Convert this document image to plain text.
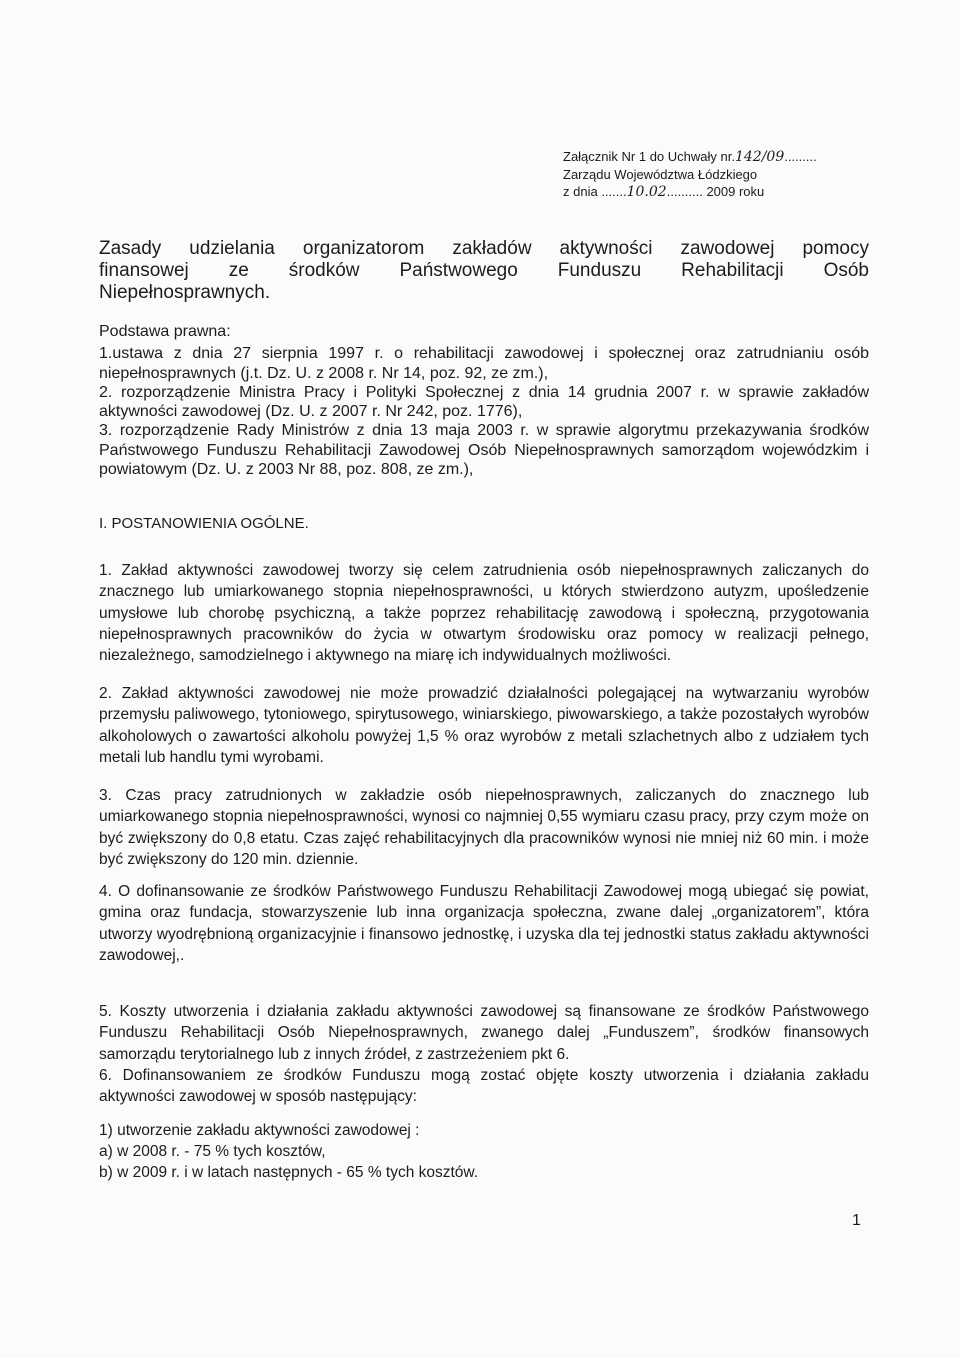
Załącznik Nr 1 do Uchwały nr.142/09.........
Zarządu Województwa Łódzkiego
z dnia .......10.02.......... 2009 roku
Zasady udzielania organizatorom zakładów aktywności zawodowej pomocy
finansowej ze środków Państwowego Funduszu Rehabilitacji Osób
Niepełnosprawnych.
Podstawa prawna:
1.ustawa z dnia 27 sierpnia 1997 r. o rehabilitacji zawodowej i społecznej oraz zatrudnianiu osób niepełnosprawnych (j.t. Dz. U. z 2008 r. Nr 14, poz. 92, ze zm.),
2. rozporządzenie Ministra Pracy i Polityki Społecznej z dnia 14 grudnia 2007 r. w sprawie zakładów aktywności zawodowej (Dz. U. z 2007 r. Nr 242, poz. 1776),
3. rozporządzenie Rady Ministrów z dnia 13 maja 2003 r. w sprawie algorytmu przekazywania środków Państwowego Funduszu Rehabilitacji Zawodowej Osób Niepełnosprawnych samorządom wojewódzkim i powiatowym (Dz. U. z 2003 Nr 88, poz. 808, ze zm.),
I. POSTANOWIENIA OGÓLNE.

1. Zakład aktywności zawodowej tworzy się celem zatrudnienia osób niepełnosprawnych zaliczanych do znacznego lub umiarkowanego stopnia niepełnosprawności, u których stwierdzono autyzm, upośledzenie umysłowe lub chorobę psychiczną, a także poprzez rehabilitację zawodową i społeczną, przygotowania niepełnosprawnych pracowników do życia w otwartym środowisku oraz pomocy w realizacji pełnego, niezależnego, samodzielnego i aktywnego na miarę ich indywidualnych możliwości.

2. Zakład aktywności zawodowej nie może prowadzić działalności polegającej na wytwarzaniu wyrobów przemysłu paliwowego, tytoniowego, spirytusowego, winiarskiego, piwowarskiego, a także pozostałych wyrobów alkoholowych o zawartości alkoholu powyżej 1,5 % oraz wyrobów z metali szlachetnych albo z udziałem tych metali lub handlu tymi wyrobami.

3. Czas pracy zatrudnionych w zakładzie osób niepełnosprawnych, zaliczanych do znacznego lub umiarkowanego stopnia niepełnosprawności, wynosi co najmniej 0,55 wymiaru czasu pracy, przy czym może on być zwiększony do 0,8 etatu. Czas zajęć rehabilitacyjnych dla pracowników wynosi nie mniej niż 60 min. i może być zwiększony do 120 min. dziennie.

4. O dofinansowanie ze środków Państwowego Funduszu Rehabilitacji Zawodowej mogą ubiegać się powiat, gmina oraz fundacja, stowarzyszenie lub inna organizacja społeczna, zwane dalej „organizatorem”, która utworzy wyodrębnioną organizacyjnie i finansowo jednostkę, i uzyska dla tej jednostki status zakładu aktywności zawodowej,.

5. Koszty utworzenia i działania zakładu aktywności zawodowej są finansowane ze środków Państwowego Funduszu Rehabilitacji Osób Niepełnosprawnych, zwanego dalej „Funduszem”, środków finansowych samorządu terytorialnego lub z innych źródeł, z zastrzeżeniem pkt 6.

6. Dofinansowaniem ze środków Funduszu mogą zostać objęte koszty utworzenia i działania zakładu aktywności zawodowej w sposób następujący:

1) utworzenie zakładu aktywności zawodowej :
a) w 2008 r. - 75 % tych kosztów,
b) w 2009 r. i w latach następnych - 65 % tych kosztów.
1
